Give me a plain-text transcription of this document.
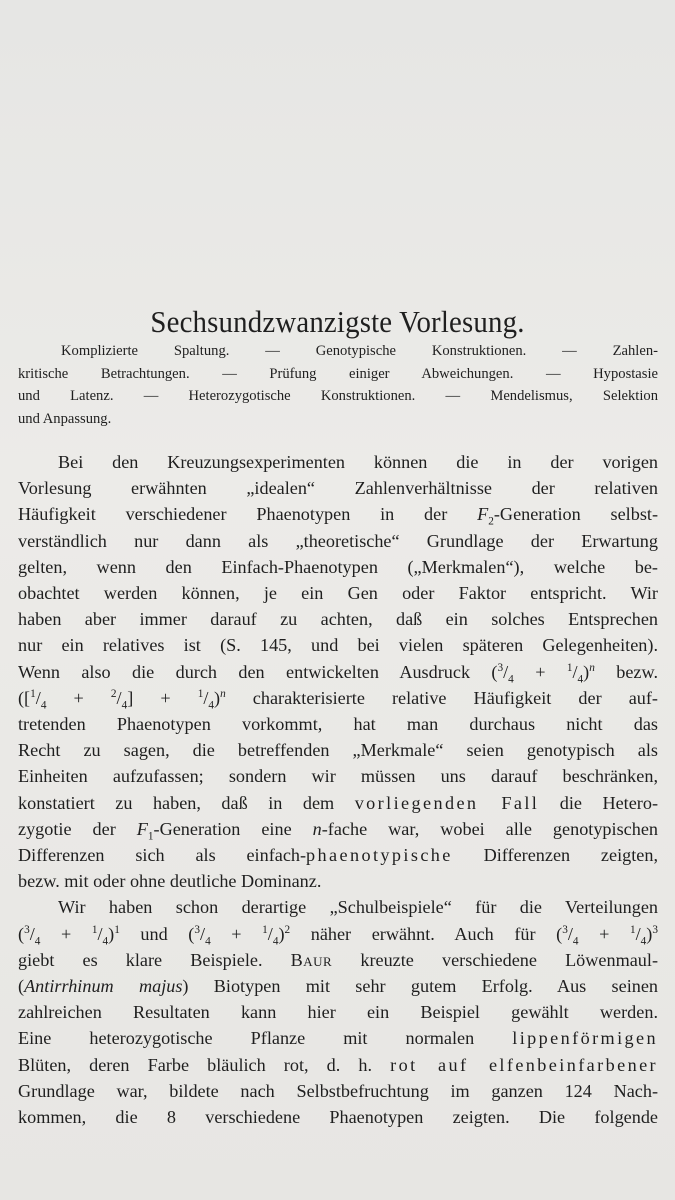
Sechsundzwanzigste Vorlesung.
Komplizierte Spaltung. — Genotypische Konstruktionen. — Zahlen-
kritische Betrachtungen. — Prüfung einiger Abweichungen. — Hypostasie
und Latenz. — Heterozygotische Konstruktionen. — Mendelismus, Selektion
und Anpassung.
Bei den Kreuzungsexperimenten können die in der vorigen
Vorlesung erwähnten „idealen“ Zahlenverhältnisse der relativen
Häufigkeit verschiedener Phaenotypen in der $F_2$-Generation selbst-
verständlich nur dann als „theoretische“ Grundlage der Erwartung
gelten, wenn den Einfach-Phaenotypen („Merkmalen“), welche be-
obachtet werden können, je ein Gen oder Faktor entspricht. Wir
haben aber immer darauf zu achten, daß ein solches Entsprechen
nur ein relatives ist (S. 145, und bei vielen späteren Gelegenheiten).
Wenn also die durch den entwickelten Ausdruck $(^3/_4 + ^1/_4)^n$ bezw.
$([^1/_4 + ^2/_4] + ^1/_4)^n$ charakterisierte relative Häufigkeit der auf-
tretenden Phaenotypen vorkommt, hat man durchaus nicht das
Recht zu sagen, die betreffenden „Merkmale“ seien genotypisch als
Einheiten aufzufassen; sondern wir müssen uns darauf beschränken,
konstatiert zu haben, daß in dem vorliegenden Fall die Hetero-
zygotie der $F_1$-Generation eine n-fache war, wobei alle genotypischen
Differenzen sich als einfach-phaenotypische Differenzen zeigten,
bezw. mit oder ohne deutliche Dominanz.
Wir haben schon derartige „Schulbeispiele“ für die Verteilungen
$(^3/_4 + ^1/_4)^1$ und $(^3/_4 + ^1/_4)^2$ näher erwähnt. Auch für $(^3/_4 + ^1/_4)^3$
giebt es klare Beispiele. Baur kreuzte verschiedene Löwenmaul-
(Antirrhinum majus) Biotypen mit sehr gutem Erfolg. Aus seinen
zahlreichen Resultaten kann hier ein Beispiel gewählt werden.
Eine heterozygotische Pflanze mit normalen lippenförmigen
Blüten, deren Farbe bläulich rot, d. h. rot auf elfenbeinfarbener
Grundlage war, bildete nach Selbstbefruchtung im ganzen 124 Nach-
kommen, die 8 verschiedene Phaenotypen zeigten. Die folgende
